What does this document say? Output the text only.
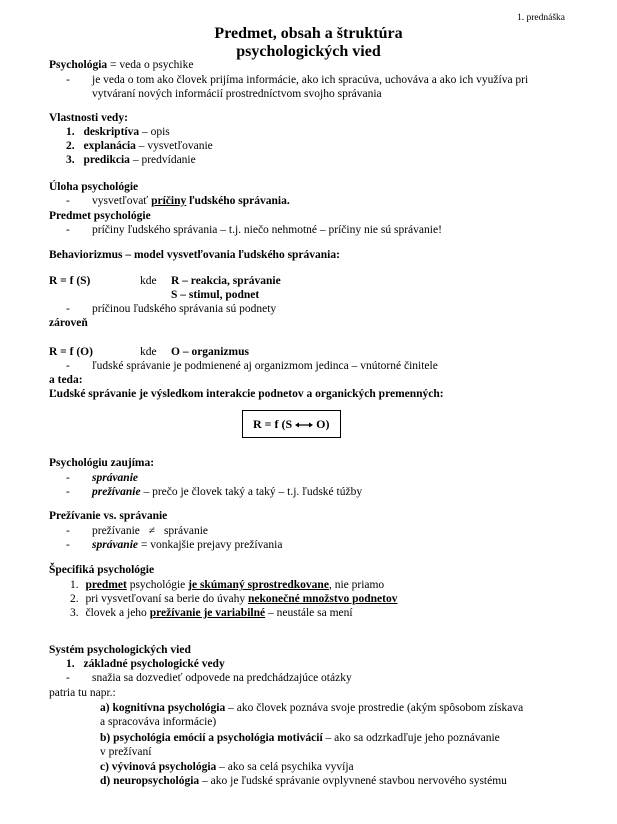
1. prednáška
Predmet, obsah a štruktúra
psychologických vied
Psychológia = veda o psychike
- je veda o tom ako človek prijíma informácie, ako ich spracúva, uchováva a ako ich využíva pri
vytváraní nových informácií prostredníctvom svojho správania
Vlastnosti vedy:
1. deskriptíva – opis
2. explanácia – vysvetľovanie
3. predikcia – predvídanie
Úloha psychológie
- vysvetľovať príčiny ľudského správania.
Predmet psychológie
- príčiny ľudského správania – t.j. niečo nehmotné – príčiny nie sú správanie!
Behaviorizmus – model vysvetľovania ľudského správania:
R = f (S)	kde R – reakcia, správanie
S – stimul, podnet
- príčinou ľudského správania sú podnety
zároveň
R = f (O)	kde O – organizmus
- ľudské správanie je podmienené aj organizmom jedinca – vnútorné činitele
a teda:
Ľudské správanie je výsledkom interakcie podnetov a organických premenných:
R = f (S O)
Psychológiu zaujíma:
- správanie
- prežívanie – prečo je človek taký a taký – t.j. ľudské túžby
Prežívanie vs. správanie
- prežívanie ≠ správanie
- správanie = vonkajšie prejavy prežívania
Špecifiká psychológie
1. predmet psychológie je skúmaný sprostredkovane, nie priamo
2. pri vysvetľovaní sa berie do úvahy nekonečné množstvo podnetov
3. človek a jeho prežívanie je variabilné – neustále sa mení
Systém psychologických vied
1. základné psychologické vedy
- snažia sa dozvedieť odpovede na predchádzajúce otázky
patria tu napr.:
a) kognitívna psychológia – ako človek poznáva svoje prostredie (akým spôsobom získava
a spracováva informácie)
b) psychológia emócií a psychológia motivácií – ako sa odzrkadľuje jeho poznávanie
v prežívaní
c) vývinová psychológia – ako sa celá psychika vyvíja
d) neuropsychológia – ako je ľudské správanie ovplyvnené stavbou nervového systému
